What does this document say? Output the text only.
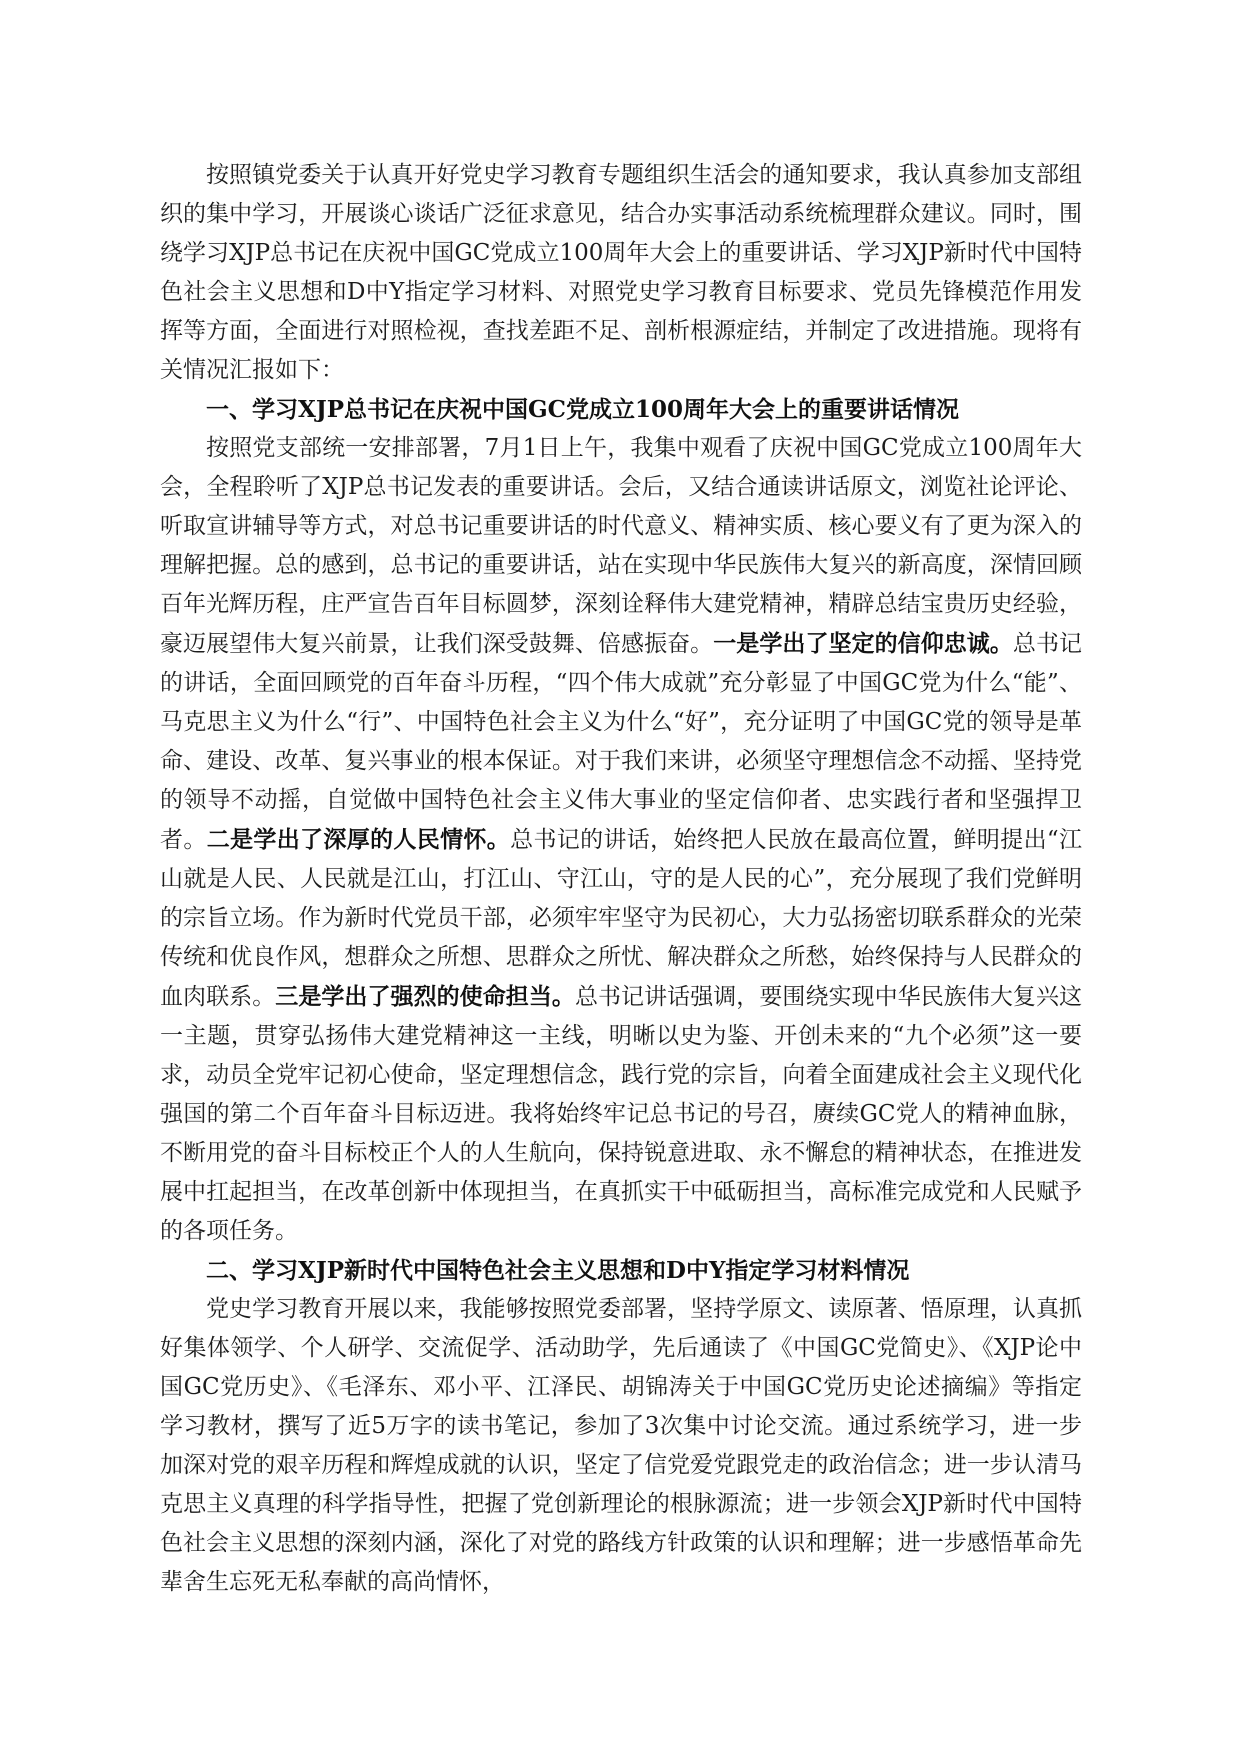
按照镇党委关于认真开好党史学习教育专题组织生活会的通知要求，我认真参加支部组织的集中学习，开展谈心谈话广泛征求意见，结合办实事活动系统梳理群众建议。同时，围绕学习XJP总书记在庆祝中国GC党成立100周年大会上的重要讲话、学习XJP新时代中国特色社会主义思想和D中Y指定学习材料、对照党史学习教育目标要求、党员先锋模范作用发挥等方面，全面进行对照检视，查找差距不足、剖析根源症结，并制定了改进措施。现将有关情况汇报如下：

一、学习XJP总书记在庆祝中国GC党成立100周年大会上的重要讲话情况

按照党支部统一安排部署，7月1日上午，我集中观看了庆祝中国GC党成立100周年大会，全程聆听了XJP总书记发表的重要讲话。会后，又结合通读讲话原文，浏览社论评论、听取宣讲辅导等方式，对总书记重要讲话的时代意义、精神实质、核心要义有了更为深入的理解把握。总的感到，总书记的重要讲话，站在实现中华民族伟大复兴的新高度，深情回顾百年光辉历程，庄严宣告百年目标圆梦，深刻诠释伟大建党精神，精辟总结宝贵历史经验，豪迈展望伟大复兴前景，让我们深受鼓舞、倍感振奋。一是学出了坚定的信仰忠诚。总书记的讲话，全面回顾党的百年奋斗历程，“四个伟大成就”充分彰显了中国GC党为什么“能”、马克思主义为什么“行”、中国特色社会主义为什么“好”，充分证明了中国GC党的领导是革命、建设、改革、复兴事业的根本保证。对于我们来讲，必须坚守理想信念不动摇、坚持党的领导不动摇，自觉做中国特色社会主义伟大事业的坚定信仰者、忠实践行者和坚强捍卫者。二是学出了深厚的人民情怀。总书记的讲话，始终把人民放在最高位置，鲜明提出“江山就是人民、人民就是江山，打江山、守江山，守的是人民的心”，充分展现了我们党鲜明的宗旨立场。作为新时代党员干部，必须牢牢坚守为民初心，大力弘扬密切联系群众的光荣传统和优良作风，想群众之所想、思群众之所忧、解决群众之所愁，始终保持与人民群众的血肉联系。三是学出了强烈的使命担当。总书记讲话强调，要围绕实现中华民族伟大复兴这一主题，贯穿弘扬伟大建党精神这一主线，明晰以史为鉴、开创未来的“九个必须”这一要求，动员全党牢记初心使命，坚定理想信念，践行党的宗旨，向着全面建成社会主义现代化强国的第二个百年奋斗目标迈进。我将始终牢记总书记的号召，赓续GC党人的精神血脉，不断用党的奋斗目标校正个人的人生航向，保持锐意进取、永不懈怠的精神状态，在推进发展中扛起担当，在改革创新中体现担当，在真抓实干中砥砺担当，高标准完成党和人民赋予的各项任务。

二、学习XJP新时代中国特色社会主义思想和D中Y指定学习材料情况

党史学习教育开展以来，我能够按照党委部署，坚持学原文、读原著、悟原理，认真抓好集体领学、个人研学、交流促学、活动助学，先后通读了《中国GC党简史》、《XJP论中国GC党历史》、《毛泽东、邓小平、江泽民、胡锦涛关于中国GC党历史论述摘编》等指定学习教材，撰写了近5万字的读书笔记，参加了3次集中讨论交流。通过系统学习，进一步加深对党的艰辛历程和辉煌成就的认识，坚定了信党爱党跟党走的政治信念；进一步认清马克思主义真理的科学指导性，把握了党创新理论的根脉源流；进一步领会XJP新时代中国特色社会主义思想的深刻内涵，深化了对党的路线方针政策的认识和理解；进一步感悟革命先辈舍生忘死无私奉献的高尚情怀，
